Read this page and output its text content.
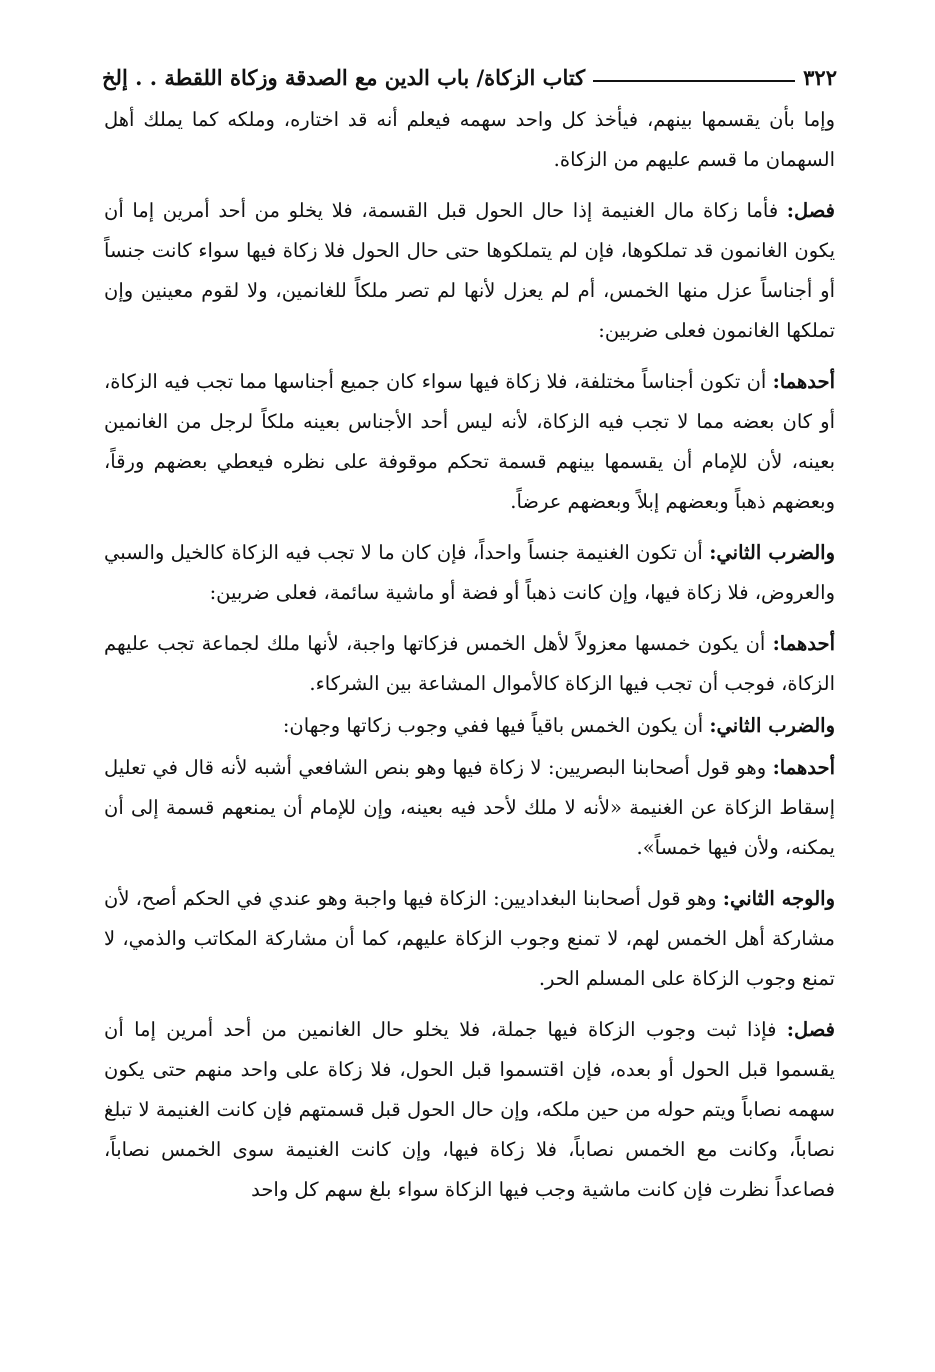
٣٢٢
كتاب الزكاة/ باب الدين مع الصدقة وزكاة اللقطة . . إلخ

وإما بأن يقسمها بينهم، فيأخذ كل واحد سهمه فيعلم أنه قد اختاره، وملكه كما يملك أهل السهمان ما قسم عليهم من الزكاة.

فصل: فأما زكاة مال الغنيمة إذا حال الحول قبل القسمة، فلا يخلو من أحد أمرين إما أن يكون الغانمون قد تملكوها، فإن لم يتملكوها حتى حال الحول فلا زكاة فيها سواء كانت جنساً أو أجناساً عزل منها الخمس، أم لم يعزل لأنها لم تصر ملكاً للغانمين، ولا لقوم معينين وإن تملكها الغانمون فعلى ضربين:

أحدهما: أن تكون أجناساً مختلفة، فلا زكاة فيها سواء كان جميع أجناسها مما تجب فيه الزكاة، أو كان بعضه مما لا تجب فيه الزكاة، لأنه ليس أحد الأجناس بعينه ملكاً لرجل من الغانمين بعينه، لأن للإمام أن يقسمها بينهم قسمة تحكم موقوفة على نظره فيعطي بعضهم ورقاً، وبعضهم ذهباً وبعضهم إبلاً وبعضهم عرضاً.

والضرب الثاني: أن تكون الغنيمة جنساً واحداً، فإن كان ما لا تجب فيه الزكاة كالخيل والسبي والعروض، فلا زكاة فيها، وإن كانت ذهباً أو فضة أو ماشية سائمة، فعلى ضربين:

أحدهما: أن يكون خمسها معزولاً لأهل الخمس فزكاتها واجبة، لأنها ملك لجماعة تجب عليهم الزكاة، فوجب أن تجب فيها الزكاة كالأموال المشاعة بين الشركاء.

والضرب الثاني: أن يكون الخمس باقياً فيها ففي وجوب زكاتها وجهان:

أحدهما: وهو قول أصحابنا البصريين: لا زكاة فيها وهو بنص الشافعي أشبه لأنه قال في تعليل إسقاط الزكاة عن الغنيمة «لأنه لا ملك لأحد فيه بعينه، وإن للإمام أن يمنعهم قسمة إلى أن يمكنه، ولأن فيها خمساً».

والوجه الثاني: وهو قول أصحابنا البغداديين: الزكاة فيها واجبة وهو عندي في الحكم أصح، لأن مشاركة أهل الخمس لهم، لا تمنع وجوب الزكاة عليهم، كما أن مشاركة المكاتب والذمي، لا تمنع وجوب الزكاة على المسلم الحر.

فصل: فإذا ثبت وجوب الزكاة فيها جملة، فلا يخلو حال الغانمين من أحد أمرين إما أن يقسموا قبل الحول أو بعده، فإن اقتسموا قبل الحول، فلا زكاة على واحد منهم حتى يكون سهمه نصاباً ويتم حوله من حين ملكه، وإن حال الحول قبل قسمتهم فإن كانت الغنيمة لا تبلغ نصاباً، وكانت مع الخمس نصاباً، فلا زكاة فيها، وإن كانت الغنيمة سوى الخمس نصاباً، فصاعداً نظرت فإن كانت ماشية وجب فيها الزكاة سواء بلغ سهم كل واحد
